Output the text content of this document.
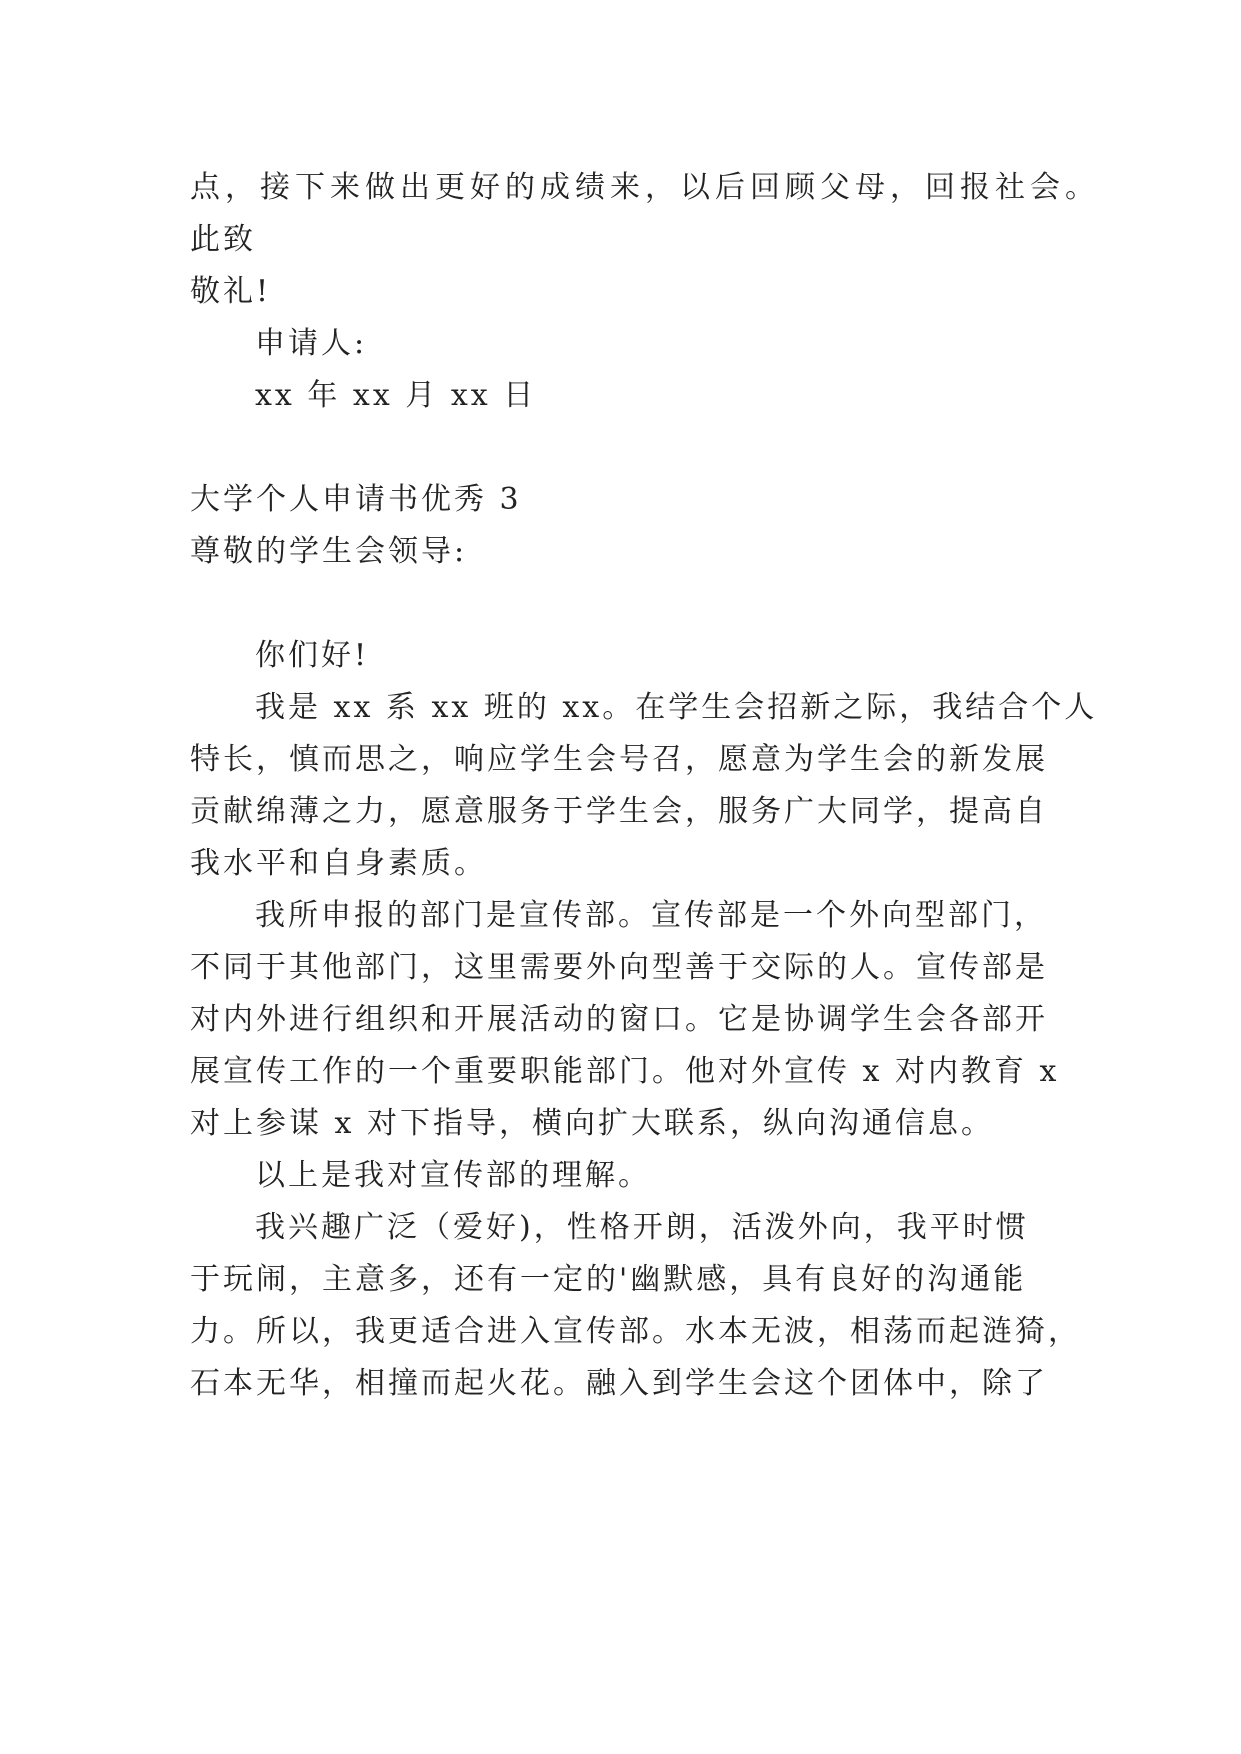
点，接下来做出更好的成绩来，以后回顾父母，回报社会。
此致
敬礼!
申请人:
xx 年 xx 月 xx 日
大学个人申请书优秀 3
尊敬的学生会领导:
你们好!
我是 xx 系 xx 班的 xx。在学生会招新之际，我结合个人
特长，慎而思之，响应学生会号召，愿意为学生会的新发展
贡献绵薄之力，愿意服务于学生会，服务广大同学，提高自
我水平和自身素质。
我所申报的部门是宣传部。宣传部是一个外向型部门，
不同于其他部门，这里需要外向型善于交际的人。宣传部是
对内外进行组织和开展活动的窗口。它是协调学生会各部开
展宣传工作的一个重要职能部门。他对外宣传 x 对内教育 x
对上参谋 x 对下指导，横向扩大联系，纵向沟通信息。
以上是我对宣传部的理解。
我兴趣广泛（爱好)，性格开朗，活泼外向，我平时惯
于玩闹，主意多，还有一定的'幽默感，具有良好的沟通能
力。所以，我更适合进入宣传部。水本无波，相荡而起涟猗，
石本无华，相撞而起火花。融入到学生会这个团体中，除了
